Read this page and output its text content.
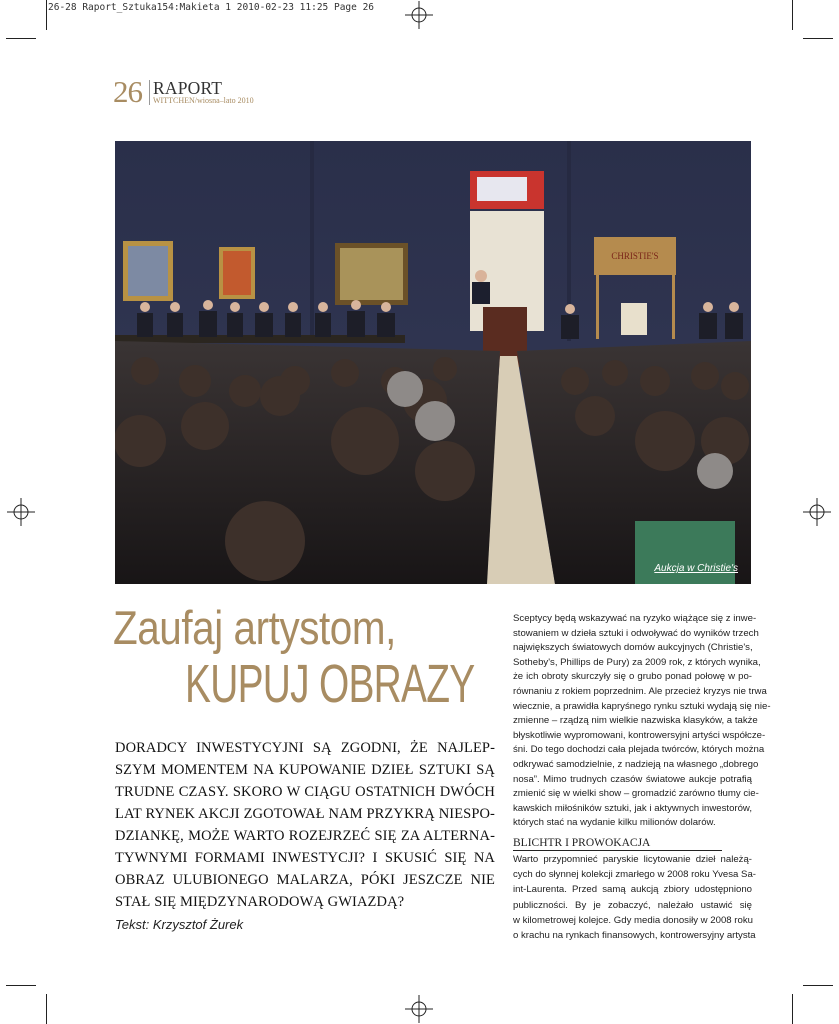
26-28 Raport_Sztuka154:Makieta 1 2010-02-23 11:25 Page 26
26 RAPORT
WITTCHEN/wiosna–lato 2010
CHRISTIE'S
Aukcja w Christie's
Zaufaj artystom,
KUPUJ OBRAZY
DORADCY INWESTYCYJNI SĄ ZGODNI, ŻE NAJLEP-
SZYM MOMENTEM NA KUPOWANIE DZIEŁ SZTUKI SĄ
TRUDNE CZASY. SKORO W CIĄGU OSTATNICH DWÓCH
LAT RYNEK AKCJI ZGOTOWAŁ NAM PRZYKRĄ NIESPO-
DZIANKĘ, MOŻE WARTO ROZEJRZEĆ SIĘ ZA ALTERNA-
TYWNYMI FORMAMI INWESTYCJI? I SKUSIĆ SIĘ NA
OBRAZ ULUBIONEGO MALARZA, PÓKI JESZCZE NIE
STAŁ SIĘ MIĘDZYNARODOWĄ GWIAZDĄ?
Tekst: Krzysztof Żurek
Sceptycy będą wskazywać na ryzyko wiążące się z inwe-
stowaniem w dzieła sztuki i odwoływać do wyników trzech
największych światowych domów aukcyjnych (Christie's,
Sotheby's, Phillips de Pury) za 2009 rok, z których wynika,
że ich obroty skurczyły się o grubo ponad połowę w po-
równaniu z rokiem poprzednim. Ale przecież kryzys nie trwa
wiecznie, a prawidła kapryśnego rynku sztuki wydają się nie-
zmienne – rządzą nim wielkie nazwiska klasyków, a także
błyskotliwie wypromowani, kontrowersyjni artyści współcze-
śni. Do tego dochodzi cała plejada twórców, których można
odkrywać samodzielnie, z nadzieją na własnego „dobrego
nosa”. Mimo trudnych czasów światowe aukcje potrafią
zmienić się w wielki show – gromadzić zarówno tłumy cie-
kawskich miłośników sztuki, jak i aktywnych inwestorów,
których stać na wydanie kilku milionów dolarów.
BLICHTR I PROWOKACJA
Warto przypomnieć paryskie licytowanie dzieł należą-
cych do słynnej kolekcji zmarłego w 2008 roku Yvesa Sa-
int-Laurenta. Przed samą aukcją zbiory udostępniono
publiczności. By je zobaczyć, należało ustawić się
w kilometrowej kolejce. Gdy media donosiły w 2008 roku
o krachu na rynkach finansowych, kontrowersyjny artysta
